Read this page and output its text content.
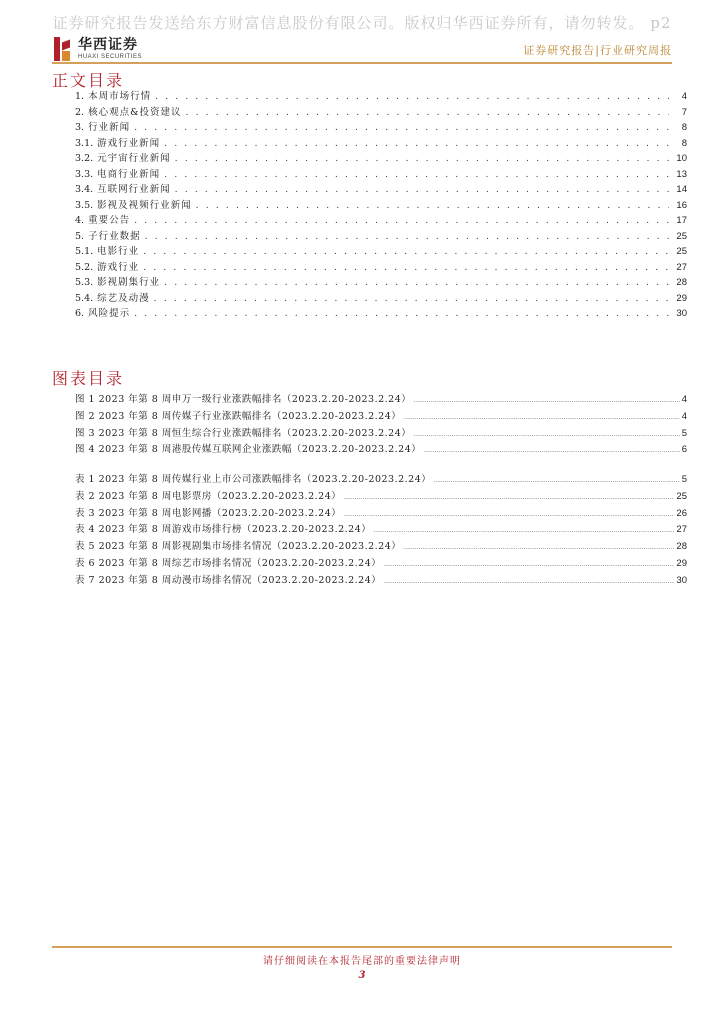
证券研究报告发送给东方财富信息股份有限公司。版权归华西证券所有，请勿转发。 p2
华西证券
HUAXI SECURITIES	证券研究报告|行业研究周报
正文目录
1. 本周市场行情 . . .	4
2. 核心观点&投资建议 . . .	7
3. 行业新闻 . . .	8
3.1. 游戏行业新闻 . . .	8
3.2. 元宇宙行业新闻 . . .	10
3.3. 电商行业新闻 . . .	13
3.4. 互联网行业新闻 . . .	14
3.5. 影视及视频行业新闻 . . .	16
4. 重要公告 . . .	17
5. 子行业数据 . . .	25
5.1. 电影行业 . . .	25
5.2. 游戏行业 . . .	27
5.3. 影视剧集行业 . . .	28
5.4. 综艺及动漫 . . .	29
6. 风险提示 . . .	30
图表目录
图 1 2023 年第 8 周申万一级行业涨跌幅排名（2023.2.20-2023.2.24） .....	4
图 2 2023 年第 8 周传媒子行业涨跌幅排名（2023.2.20-2023.2.24） .....	4
图 3 2023 年第 8 周恒生综合行业涨跌幅排名（2023.2.20-2023.2.24） .....	5
图 4 2023 年第 8 周港股传媒互联网企业涨跌幅（2023.2.20-2023.2.24） .....	6
表 1 2023 年第 8 周传媒行业上市公司涨跌幅排名（2023.2.20-2023.2.24） .....	5
表 2 2023 年第 8 周电影票房（2023.2.20-2023.2.24） .....	25
表 3 2023 年第 8 周电影网播（2023.2.20-2023.2.24） .....	26
表 4 2023 年第 8 周游戏市场排行榜（2023.2.20-2023.2.24） .....	27
表 5 2023 年第 8 周影视剧集市场排名情况（2023.2.20-2023.2.24） .....	28
表 6 2023 年第 8 周综艺市场排名情况（2023.2.20-2023.2.24） .....	29
表 7 2023 年第 8 周动漫市场排名情况（2023.2.20-2023.2.24） .....	30
请仔细阅读在本报告尾部的重要法律声明
3
